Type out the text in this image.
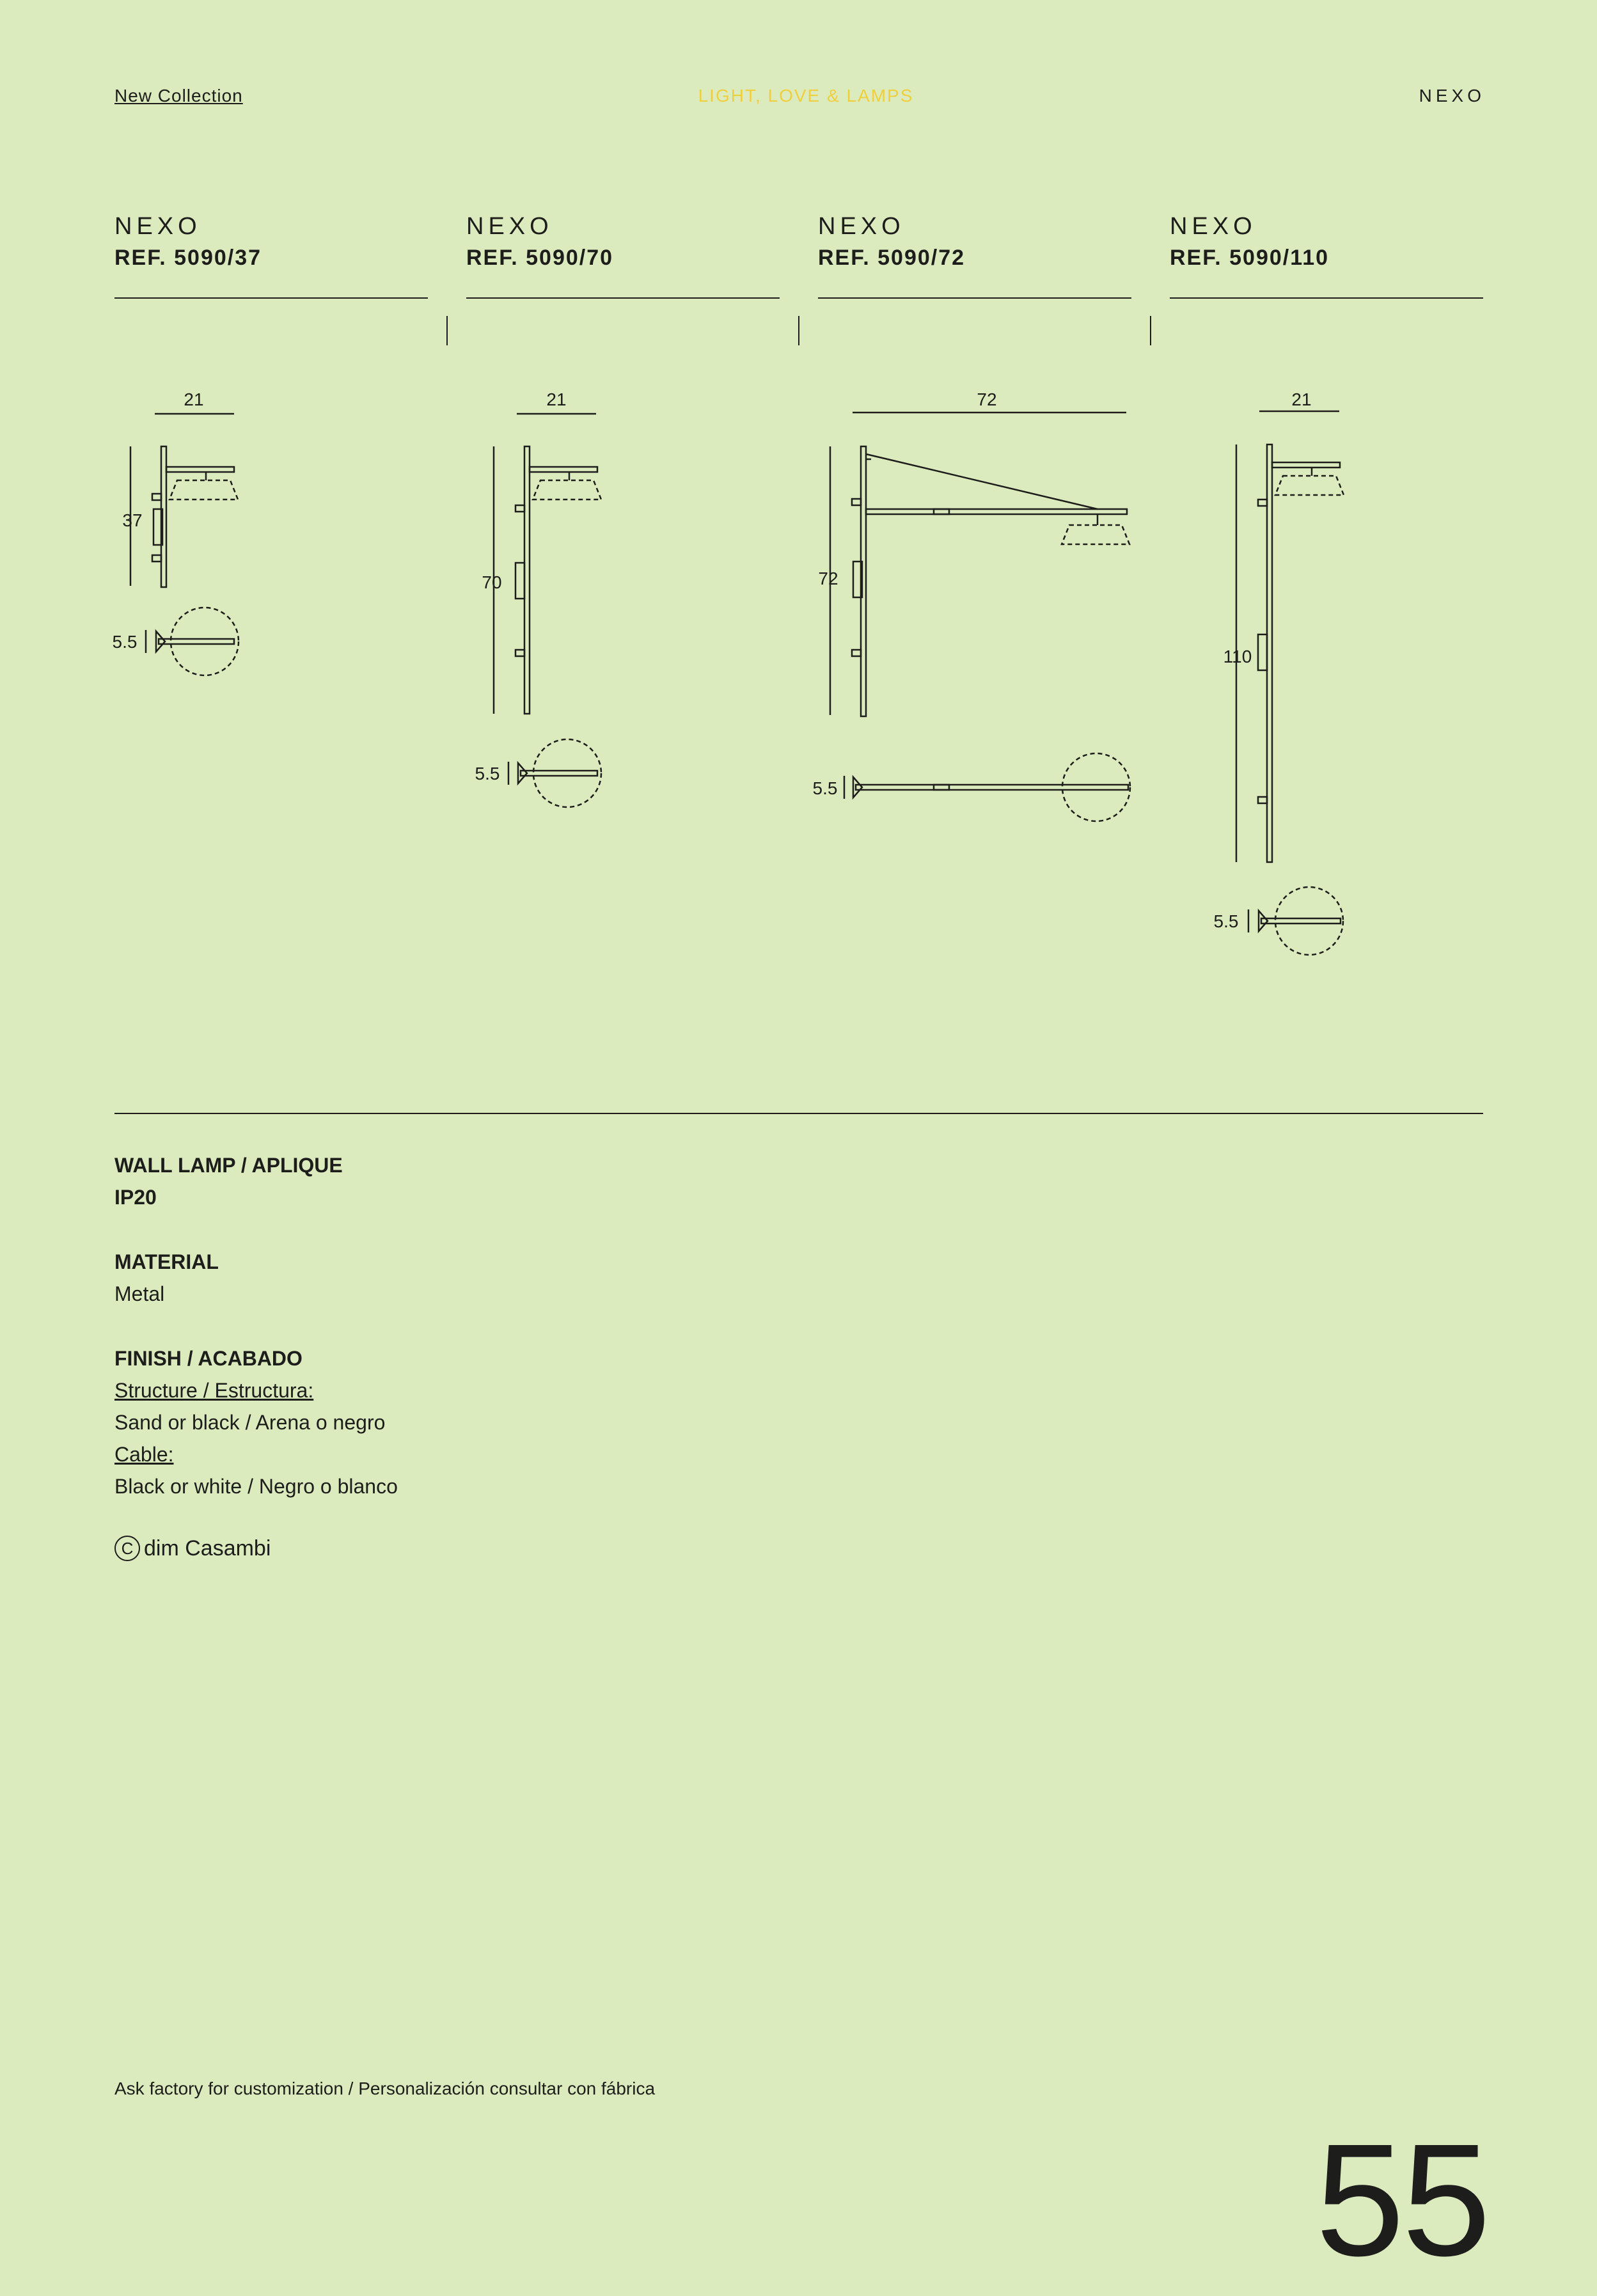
New Collection	LIGHT, LOVE & LAMPS	NEXO
NEXO
REF. 5090/37
NEXO
REF. 5090/70
NEXO
REF. 5090/72
NEXO
REF. 5090/110
21
37
5.5
21
70
5.5
72
72
5.5
21
110
5.5
WALL LAMP / APLIQUE
IP20
MATERIAL
Metal
FINISH / ACABADO
Structure / Estructura:
Sand or black / Arena o negro
Cable:
Black or white / Negro o blanco
C dim Casambi
Ask factory for customization / Personalización consultar con fábrica
55
